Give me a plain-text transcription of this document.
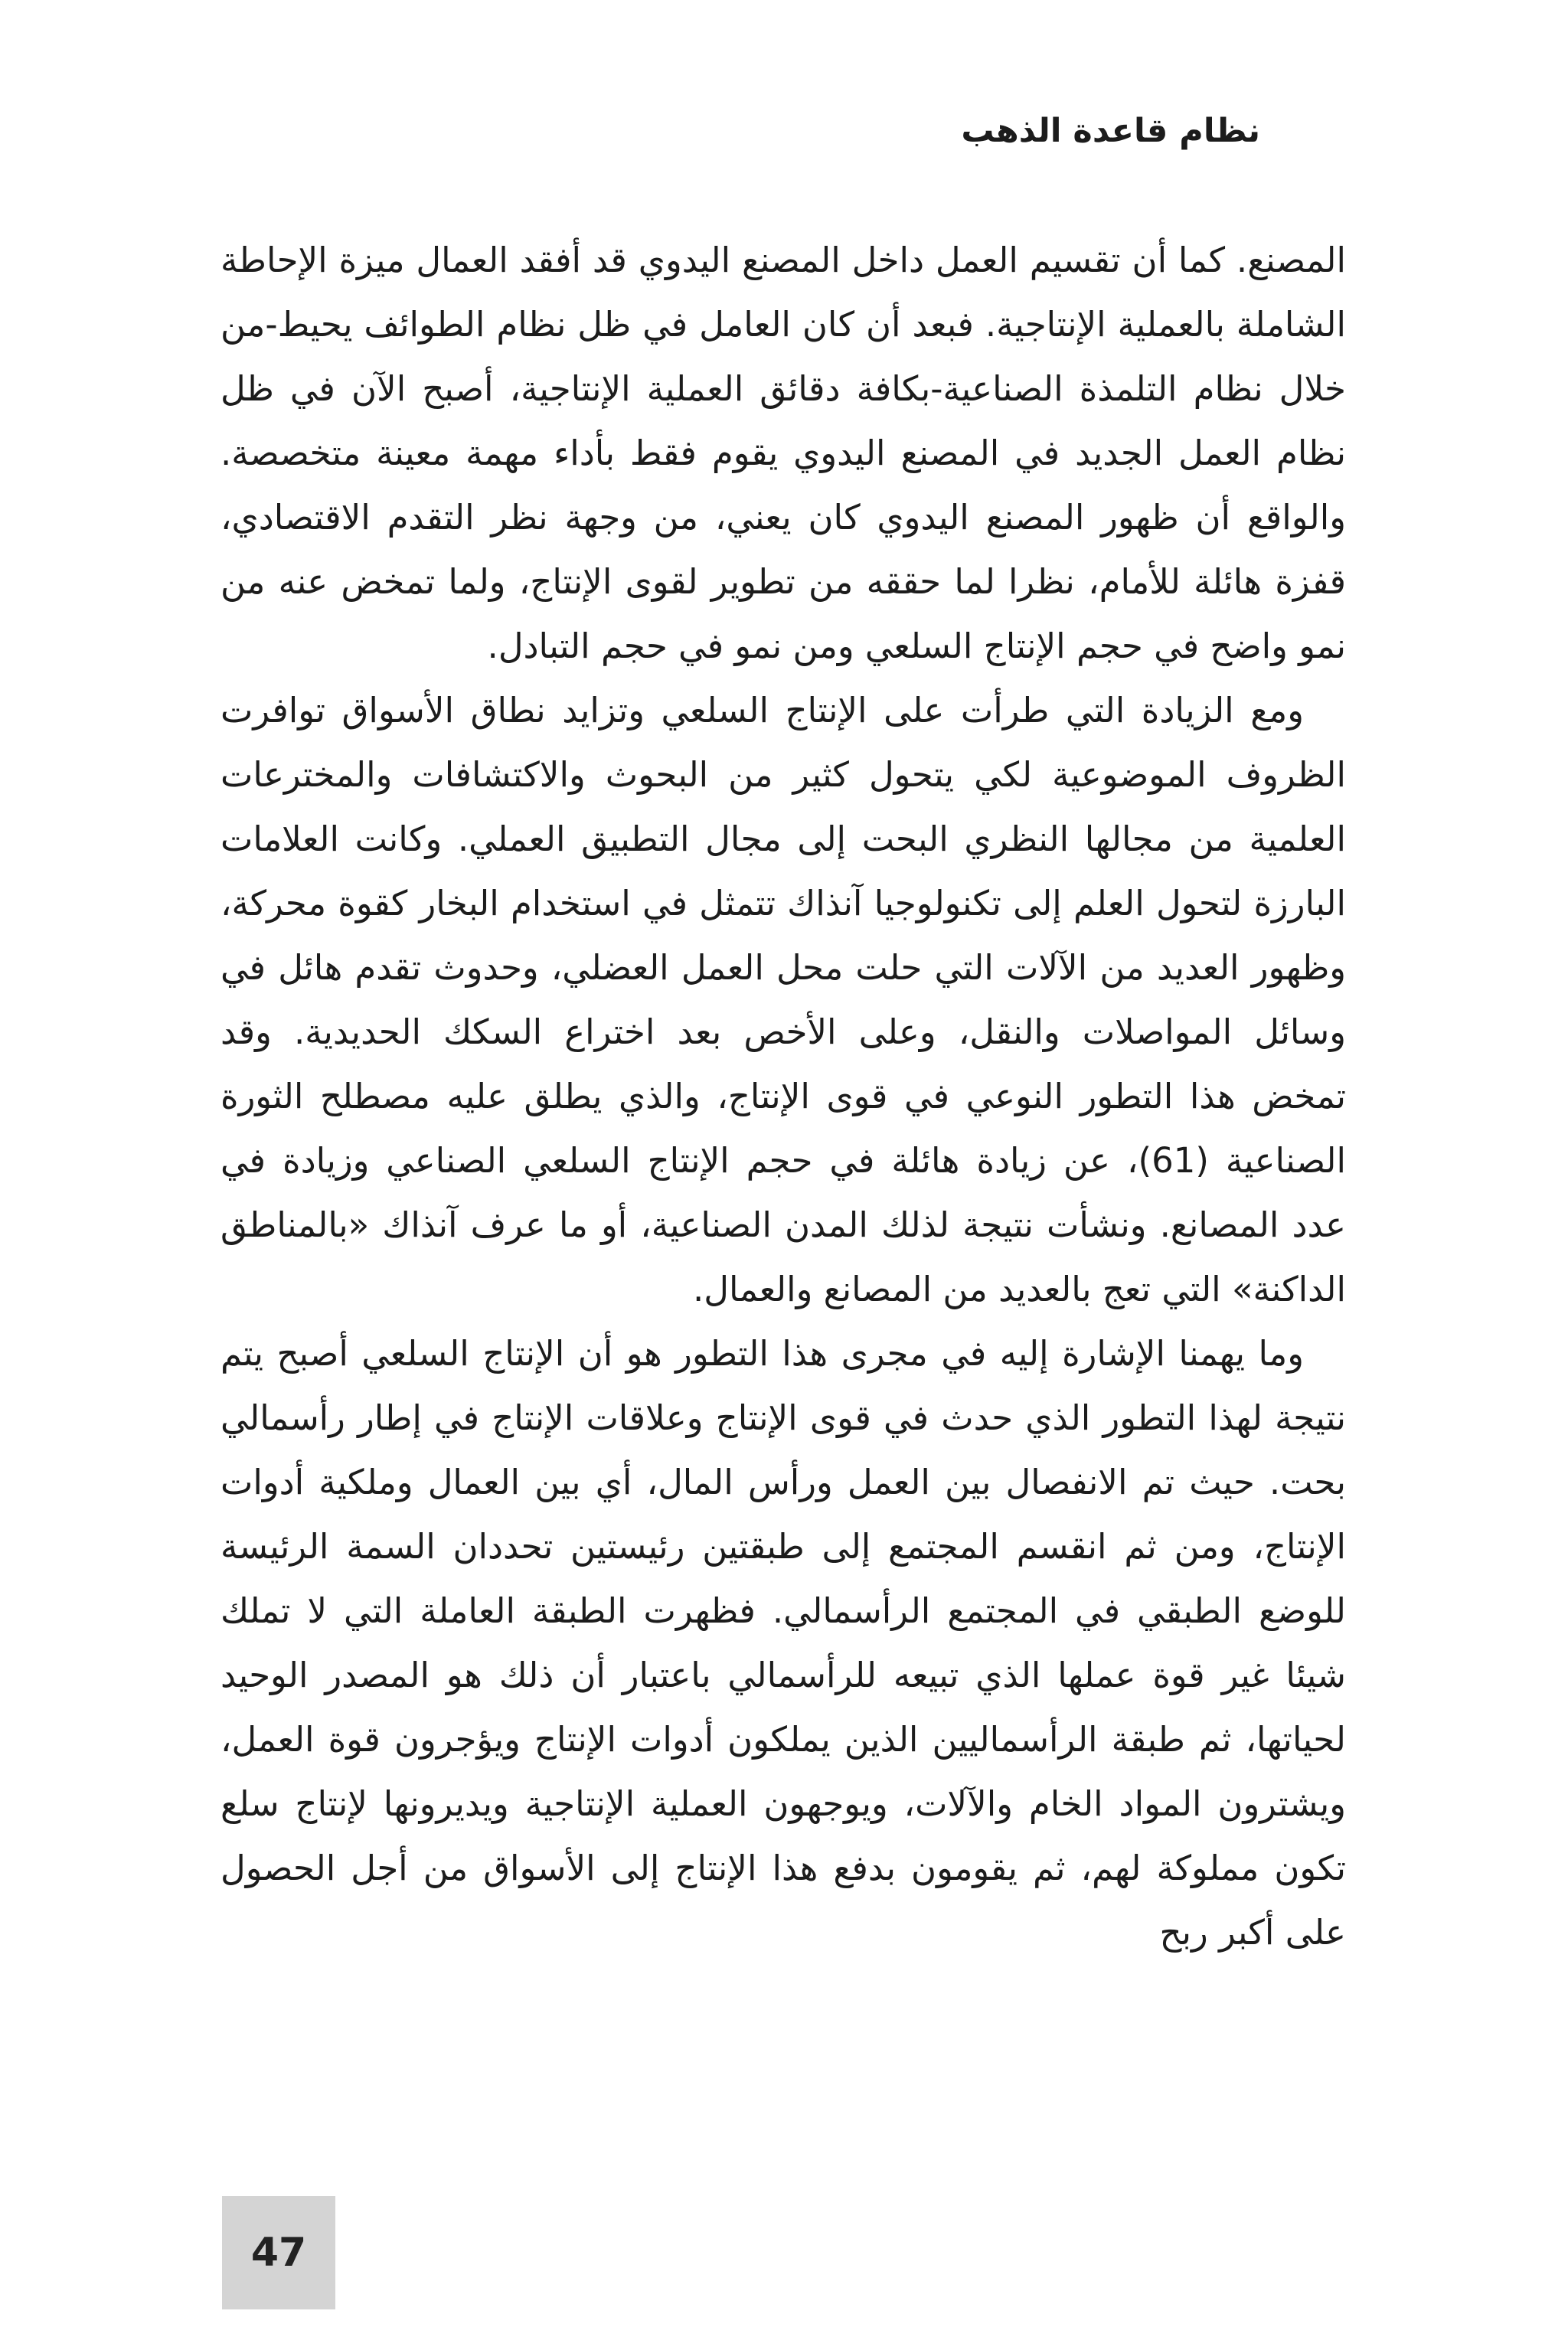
نظام قاعدة الذهب

المصنع. كما أن تقسيم العمل داخل المصنع اليدوي قد أفقد العمال ميزة الإحاطة الشاملة بالعملية الإنتاجية. فبعد أن كان العامل في ظل نظام الطوائف يحيط-من خلال نظام التلمذة الصناعية-بكافة دقائق العملية الإنتاجية، أصبح الآن في ظل نظام العمل الجديد في المصنع اليدوي يقوم فقط بأداء مهمة معينة متخصصة. والواقع أن ظهور المصنع اليدوي كان يعني، من وجهة نظر التقدم الاقتصادي، قفزة هائلة للأمام، نظرا لما حققه من تطوير لقوى الإنتاج، ولما تمخض عنه من نمو واضح في حجم الإنتاج السلعي ومن نمو في حجم التبادل.

ومع الزيادة التي طرأت على الإنتاج السلعي وتزايد نطاق الأسواق توافرت الظروف الموضوعية لكي يتحول كثير من البحوث والاكتشافات والمخترعات العلمية من مجالها النظري البحت إلى مجال التطبيق العملي. وكانت العلامات البارزة لتحول العلم إلى تكنولوجيا آنذاك تتمثل في استخدام البخار كقوة محركة، وظهور العديد من الآلات التي حلت محل العمل العضلي، وحدوث تقدم هائل في وسائل المواصلات والنقل، وعلى الأخص بعد اختراع السكك الحديدية. وقد تمخض هذا التطور النوعي في قوى الإنتاج، والذي يطلق عليه مصطلح الثورة الصناعية (61)، عن زيادة هائلة في حجم الإنتاج السلعي الصناعي وزيادة في عدد المصانع. ونشأت نتيجة لذلك المدن الصناعية، أو ما عرف آنذاك «بالمناطق الداكنة» التي تعج بالعديد من المصانع والعمال.

وما يهمنا الإشارة إليه في مجرى هذا التطور هو أن الإنتاج السلعي أصبح يتم نتيجة لهذا التطور الذي حدث في قوى الإنتاج وعلاقات الإنتاج في إطار رأسمالي بحت. حيث تم الانفصال بين العمل ورأس المال، أي بين العمال وملكية أدوات الإنتاج، ومن ثم انقسم المجتمع إلى طبقتين رئيستين تحددان السمة الرئيسة للوضع الطبقي في المجتمع الرأسمالي. فظهرت الطبقة العاملة التي لا تملك شيئا غير قوة عملها الذي تبيعه للرأسمالي باعتبار أن ذلك هو المصدر الوحيد لحياتها، ثم طبقة الرأسماليين الذين يملكون أدوات الإنتاج ويؤجرون قوة العمل، ويشترون المواد الخام والآلات، ويوجهون العملية الإنتاجية ويديرونها لإنتاج سلع تكون مملوكة لهم، ثم يقومون بدفع هذا الإنتاج إلى الأسواق من أجل الحصول على أكبر ربح

47
